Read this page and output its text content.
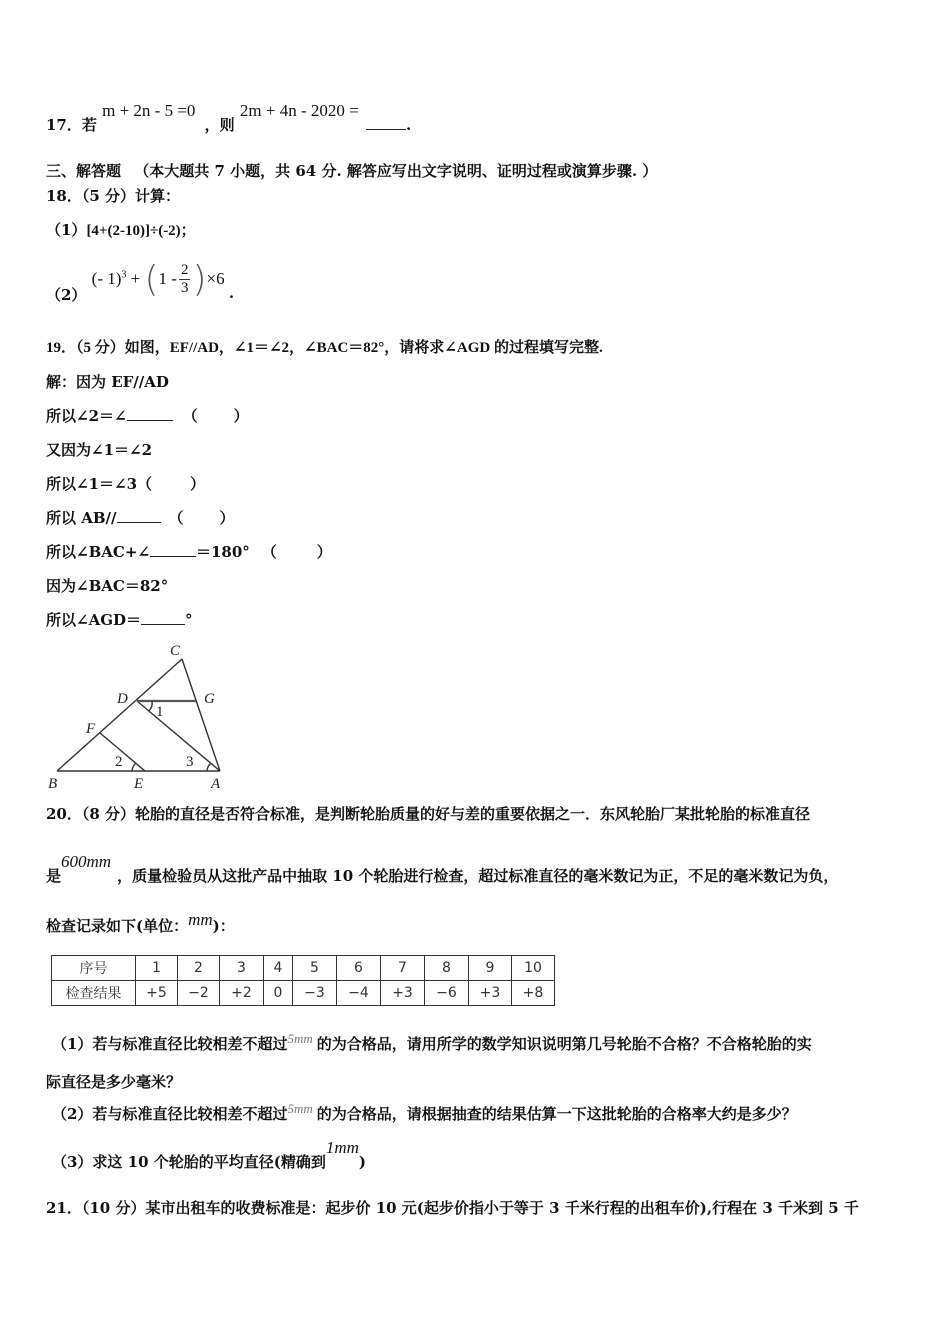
17．若 m + 2n - 5 =0 ，则 2m + 4n - 2020 = .
三、解答题 （本大题共 7 小题，共 64 分. 解答应写出文字说明、证明过程或演算步骤. ）
18．（5 分）计算：
（1）[4+(2-10)]÷(-2)；
（2） (- $1)^3 + (1 - \frac{2}{3} )\times 6$ .
19．（5 分）如图，EF//AD，∠1＝∠2，∠BAC＝82°，请将求∠AGD 的过程填写完整.
解：因为 EF//AD
所以∠2＝∠	（ ）
又因为∠1＝∠2
所以∠1＝∠3（	）
所以 AB//	（ ）
所以∠BAC+∠	＝180° （	）
因为∠BAC＝82°
所以∠AGD＝	°
C
D	G
F
B	E	A
1
2	3
20．（8 分）轮胎的直径是否符合标准，是判断轮胎质量的好与差的重要依据之一．东风轮胎厂某批轮胎的标准直径
是600mm，质量检验员从这批产品中抽取 10 个轮胎进行检查，超过标准直径的毫米数记为正，不足的毫米数记为负，
检查记录如下(单位：mm)：
序号	1	2	3	4	5	6	7	8	9	10
检查结果	+5	−2	+2	0	−3	−4	+3	−6	+3	+8
（1）若与标准直径比较相差不超过5mm 的为合格品，请用所学的数学知识说明第几号轮胎不合格？不合格轮胎的实
际直径是多少毫米？
（2）若与标准直径比较相差不超过5mm 的为合格品，请根据抽查的结果估算一下这批轮胎的合格率大约是多少？
（3）求这 10 个轮胎的平均直径(精确到1mm)
21．（10 分）某市出租车的收费标准是：起步价 10 元(起步价指小于等于 3 千米行程的出租车价),行程在 3 千米到 5 千
